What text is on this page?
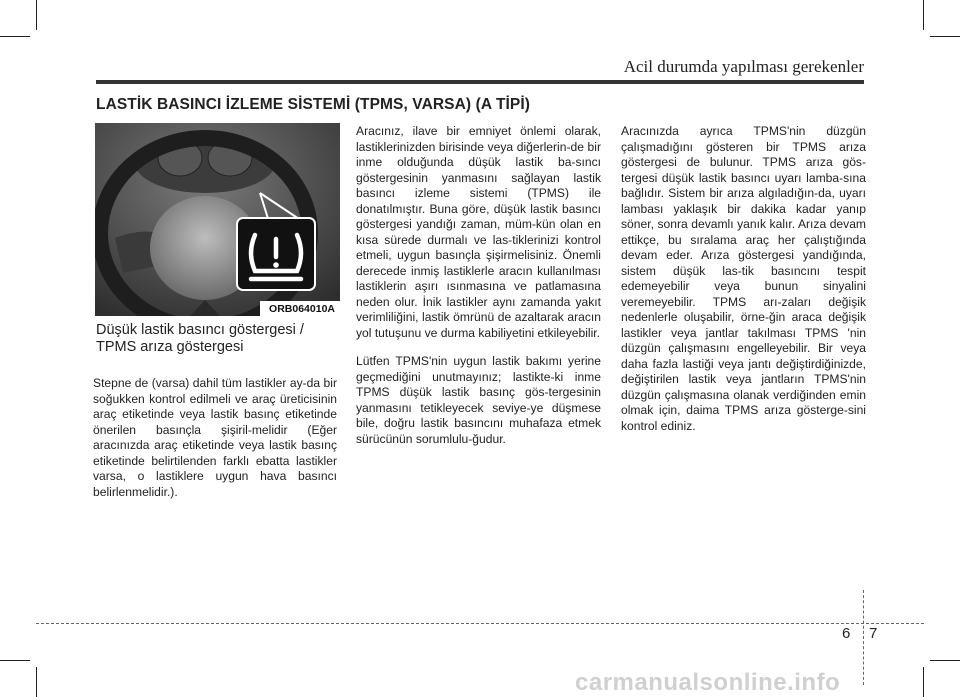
Acil durumda yapılması gerekenler
LASTİK BASINCI İZLEME SİSTEMİ (TPMS, VARSA) (A TİPİ)
ORB064010A
Düşük lastik basıncı göstergesi / TPMS arıza göstergesi

Stepne de (varsa) dahil tüm lastikler ay-da bir soğukken kontrol edilmeli ve araç üreticisinin araç etiketinde veya lastik basınç etiketinde önerilen basınçla şişiril-melidir (Eğer aracınızda araç etiketinde veya lastik basınç etiketinde belirtilenden farklı ebatta lastikler varsa, o lastiklere uygun hava basıncı belirlenmelidir.).

Aracınız, ilave bir emniyet önlemi olarak, lastiklerinizden birisinde veya diğerlerin-de bir inme olduğunda düşük lastik ba-sıncı göstergesinin yanmasını sağlayan lastik basıncı izleme sistemi (TPMS) ile donatılmıştır. Buna göre, düşük lastik basıncı göstergesi yandığı zaman, müm-kün olan en kısa sürede durmalı ve las-tiklerinizi kontrol etmeli, uygun basınçla şişirmelisiniz. Önemli derecede inmiş lastiklerle aracın kullanılması lastiklerin aşırı ısınmasına ve patlamasına neden olur. İnik lastikler aynı zamanda yakıt verimliliğini, lastik ömrünü de azaltarak aracın yol tutuşunu ve durma kabiliyetini etkileyebilir.

Lütfen TPMS'nin uygun lastik bakımı yerine geçmediğini unutmayınız; lastikte-ki inme TPMS düşük lastik basınç gös-tergesinin yanmasını tetikleyecek seviye-ye düşmese bile, doğru lastik basıncını muhafaza etmek sürücünün sorumlulu-ğudur.

Aracınızda ayrıca TPMS'nin düzgün çalışmadığını gösteren bir TPMS arıza göstergesi de bulunur. TPMS arıza gös-tergesi düşük lastik basıncı uyarı lamba-sına bağlıdır. Sistem bir arıza algıladığın-da, uyarı lambası yaklaşık bir dakika kadar yanıp söner, sonra devamlı yanık kalır. Arıza devam ettikçe, bu sıralama araç her çalıştığında devam eder. Arıza göstergesi yandığında, sistem düşük las-tik basıncını tespit edemeyebilir veya bunun sinyalini veremeyebilir. TPMS arı-zaları değişik nedenlerle oluşabilir, örne-ğin araca değişik lastikler veya jantlar takılması TPMS 'nin düzgün çalışmasını engelleyebilir. Bir veya daha fazla lastiği veya jantı değiştirdiğinizde, değiştirilen lastik veya jantların TPMS'nin düzgün çalışmasına olanak verdiğinden emin olmak için, daima TPMS arıza gösterge-sini kontrol ediniz.

6 7
carmanualsonline.info
